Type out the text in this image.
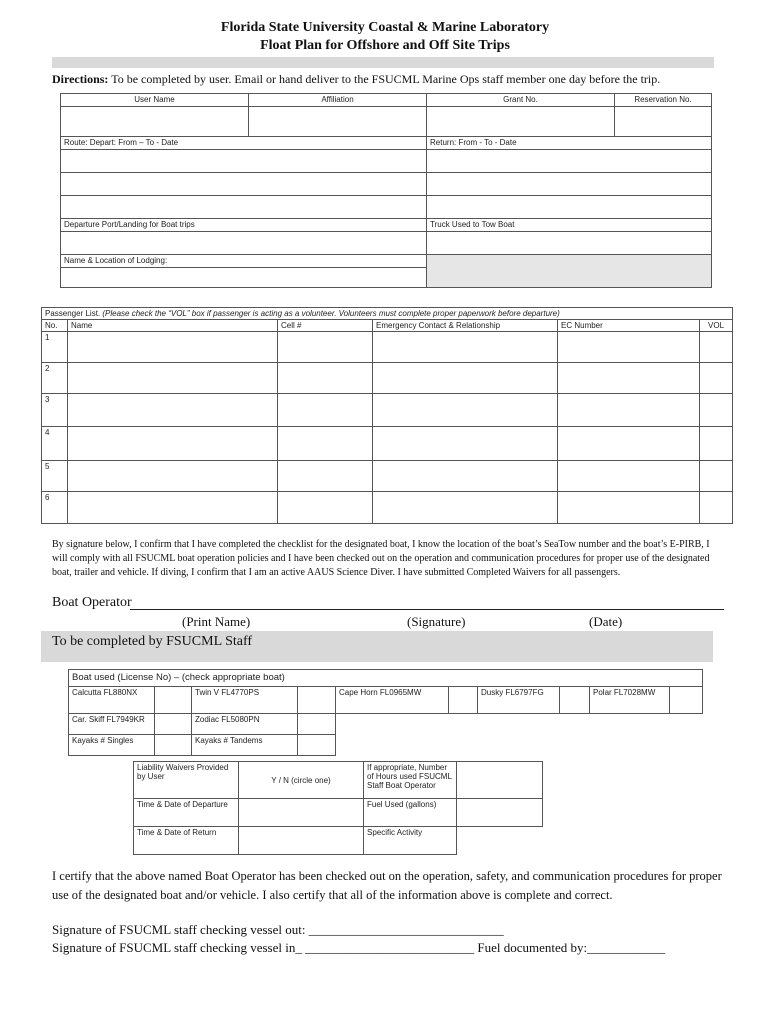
Florida State University Coastal & Marine Laboratory
Float Plan for Offshore and Off Site Trips
Directions: To be completed by user. Email or hand deliver to the FSUCML Marine Ops staff member one day before the trip.
User Name	Affiliation	Grant No.	Reservation No.

Route: Depart: From – To - Date		Return: From - To - Date	

Departure Port/Landing for Boat trips		Truck Used to Tow Boat	

Name & Location of Lodging:			

Passenger List. (Please check the “VOL” box if passenger is acting as a volunteer. Volunteers must complete proper paperwork before departure)					
No.	Name	Cell #	Emergency Contact & Relationship	EC Number	VOL
1					
2					
3					
4					
5					
6					
By signature below, I confirm that I have completed the checklist for the designated boat, I know the location of the boat’s SeaTow number and the boat’s E-PIRB, I will comply with all FSUCML boat operation policies and I have been checked out on the operation and communication procedures for proper use of the designated boat, trailer and vehicle. If diving, I confirm that I am an active AAUS Science Diver. I have submitted Completed Waivers for all passengers.
Boat Operator
(Print Name)	(Signature)	(Date)
To be completed by FSUCML Staff
Boat used (License No) – (check appropriate boat)									
Calcutta FL880NX		Twin V FL4770PS		Cape Horn FL0965MW		Dusky FL6797FG		Polar FL7028MW	
Car. Skiff FL7949KR		Zodiac FL5080PN							
Kayaks # Singles		Kayaks # Tandems							
Liability Waivers Provided by User	Y / N (circle one)	If appropriate, Number of Hours used FSUCML Staff Boat Operator	
Time & Date of Departure		Fuel Used (gallons)	
Time & Date of Return		Specific Activity	
I certify that the above named Boat Operator has been checked out on the operation, safety, and communication procedures for proper use of the designated boat and/or vehicle. I also certify that all of the information above is complete and correct.
Signature of FSUCML staff checking vessel out: ______________________________
Signature of FSUCML staff checking vessel in_ __________________________ Fuel documented by:____________
